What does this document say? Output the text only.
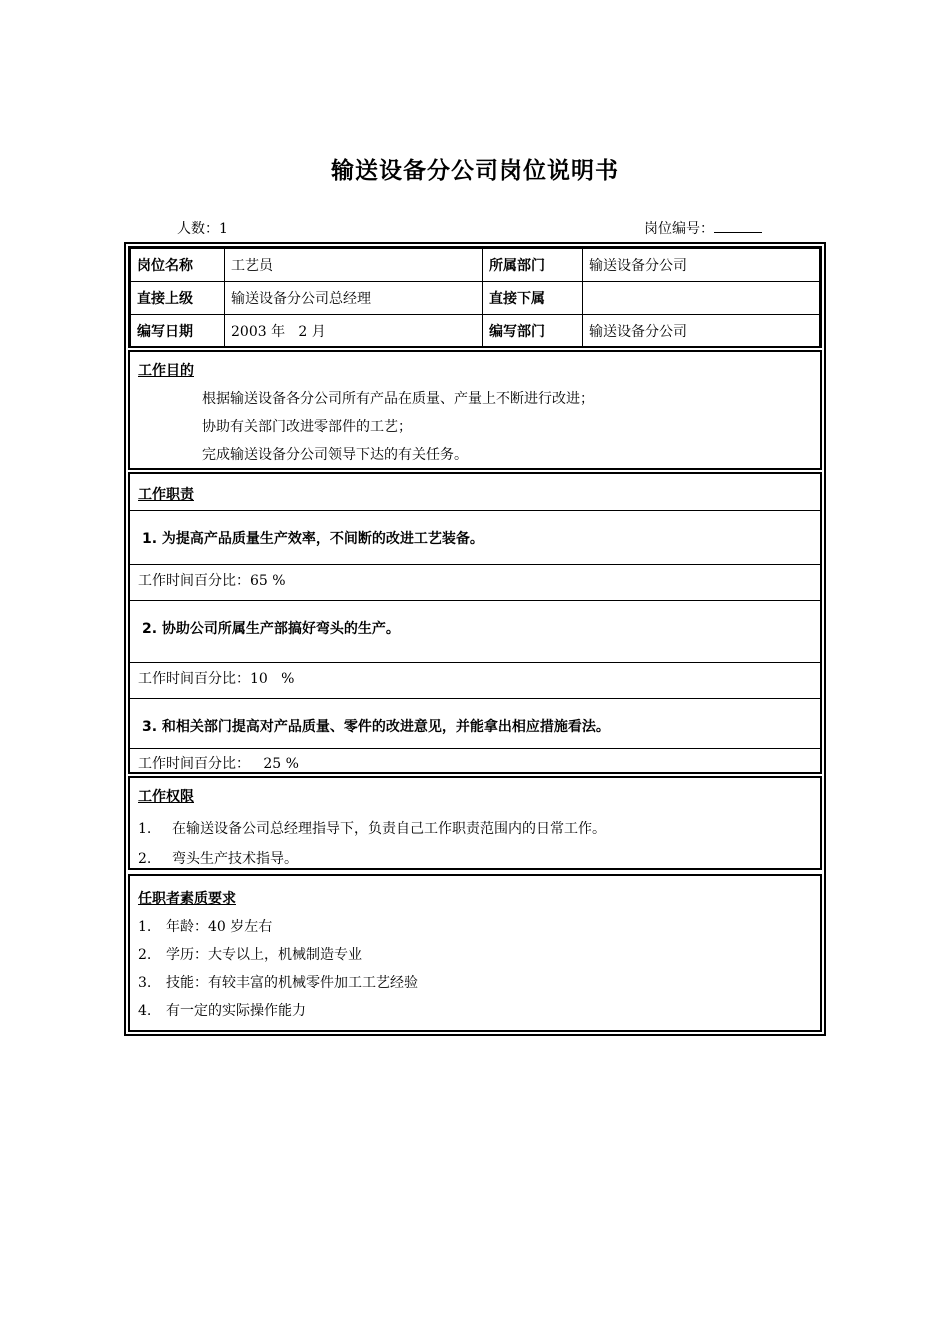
输送设备分公司岗位说明书
人数：1	岗位编号：
岗位名称	工艺员	所属部门	输送设备分公司
直接上级	输送设备分公司总经理	直接下属	
编写日期	2003 年   2 月	编写部门	输送设备分公司
工作目的
根据输送设备各分公司所有产品在质量、产量上不断进行改进；
协助有关部门改进零部件的工艺；
完成输送设备分公司领导下达的有关任务。
工作职责
1. 为提高产品质量生产效率，不间断的改进工艺装备。
工作时间百分比：65 %
2. 协助公司所属生产部搞好弯头的生产。
工作时间百分比：10   %
3. 和相关部门提高对产品质量、零件的改进意见，并能拿出相应措施看法。
工作时间百分比：   25 %
工作权限
1. 在输送设备公司总经理指导下，负责自己工作职责范围内的日常工作。
2. 弯头生产技术指导。
任职者素质要求
1. 年龄：40 岁左右
2. 学历：大专以上，机械制造专业
3. 技能：有较丰富的机械零件加工工艺经验
4. 有一定的实际操作能力
